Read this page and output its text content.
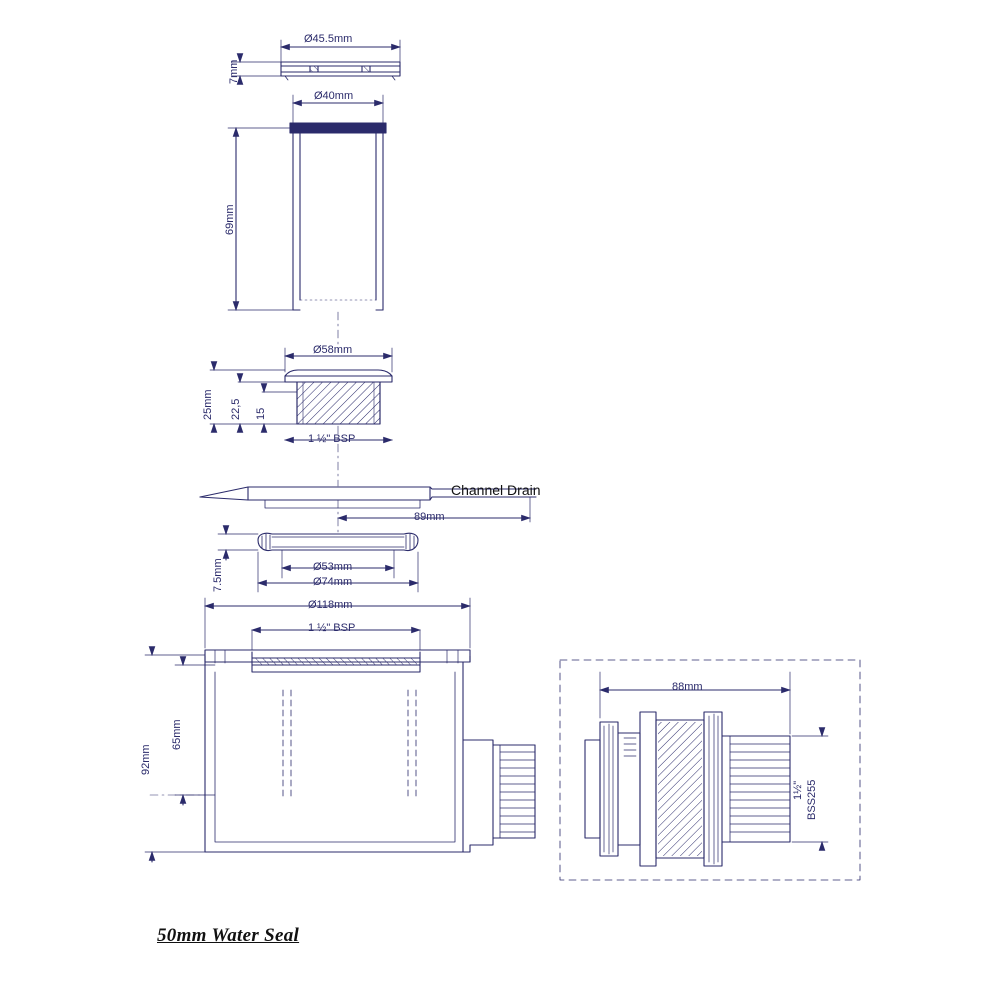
Ø45.5mm
7mm
Ø40mm
69mm
Ø58mm
25mm 22,5 15
1 ½" BSP
Channel Drain
89mm
7.5mm	Ø53mm
Ø74mm
Ø118mm
1 ½" BSP
92mm
65mm
88mm
1½" BSS255
50mm Water Seal
